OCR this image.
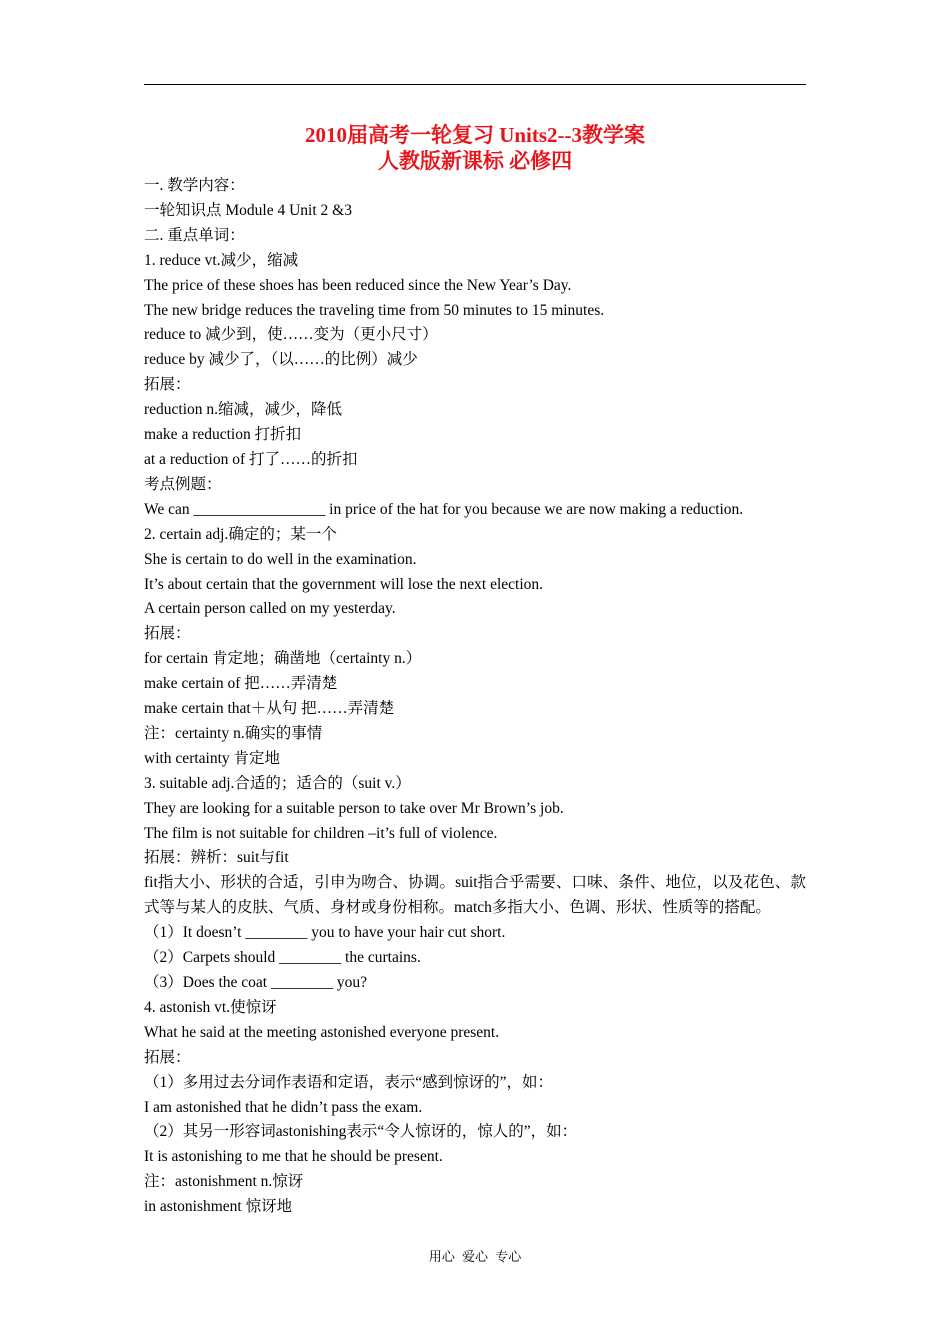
2010届高考一轮复习 Units2--3教学案
人教版新课标 必修四
一. 教学内容：
一轮知识点 Module 4 Unit 2 &3
二. 重点单词：
1. reduce vt.减少，缩减
The price of these shoes has been reduced since the New Year’s Day.
The new bridge reduces the traveling time from 50 minutes to 15 minutes.
reduce to 减少到，使……变为（更小尺寸）
reduce by 减少了，（以……的比例）减少
拓展：
reduction n.缩减，减少，降低
make a reduction 打折扣
at a reduction of 打了……的折扣
考点例题：
We can _________________ in price of the hat for you because we are now making a reduction.
2. certain adj.确定的；某一个
She is certain to do well in the examination.
It’s about certain that the government will lose the next election.
A certain person called on my yesterday.
拓展：
for certain 肯定地；确凿地（certainty n.）
make certain of 把……弄清楚
make certain that＋从句 把……弄清楚
注：certainty n.确实的事情
with certainty 肯定地
3. suitable adj.合适的；适合的（suit v.）
They are looking for a suitable person to take over Mr Brown’s job.
The film is not suitable for children –it’s full of violence.
拓展：辨析：suit与fit
fit指大小、形状的合适，引申为吻合、协调。suit指合乎需要、口味、条件、地位，以及花色、款式等与某人的皮肤、气质、身材或身份相称。match多指大小、色调、形状、性质等的搭配。
（1）It doesn’t ________ you to have your hair cut short.
（2）Carpets should ________ the curtains.
（3）Does the coat ________ you?
4. astonish vt.使惊讶
What he said at the meeting astonished everyone present.
拓展：
（1）多用过去分词作表语和定语，表示“感到惊讶的”，如：
I am astonished that he didn’t pass the exam.
（2）其另一形容词astonishing表示“令人惊讶的，惊人的”，如：
It is astonishing to me that he should be present.
注：astonishment n.惊讶
in astonishment 惊讶地
用心 爱心 专心
